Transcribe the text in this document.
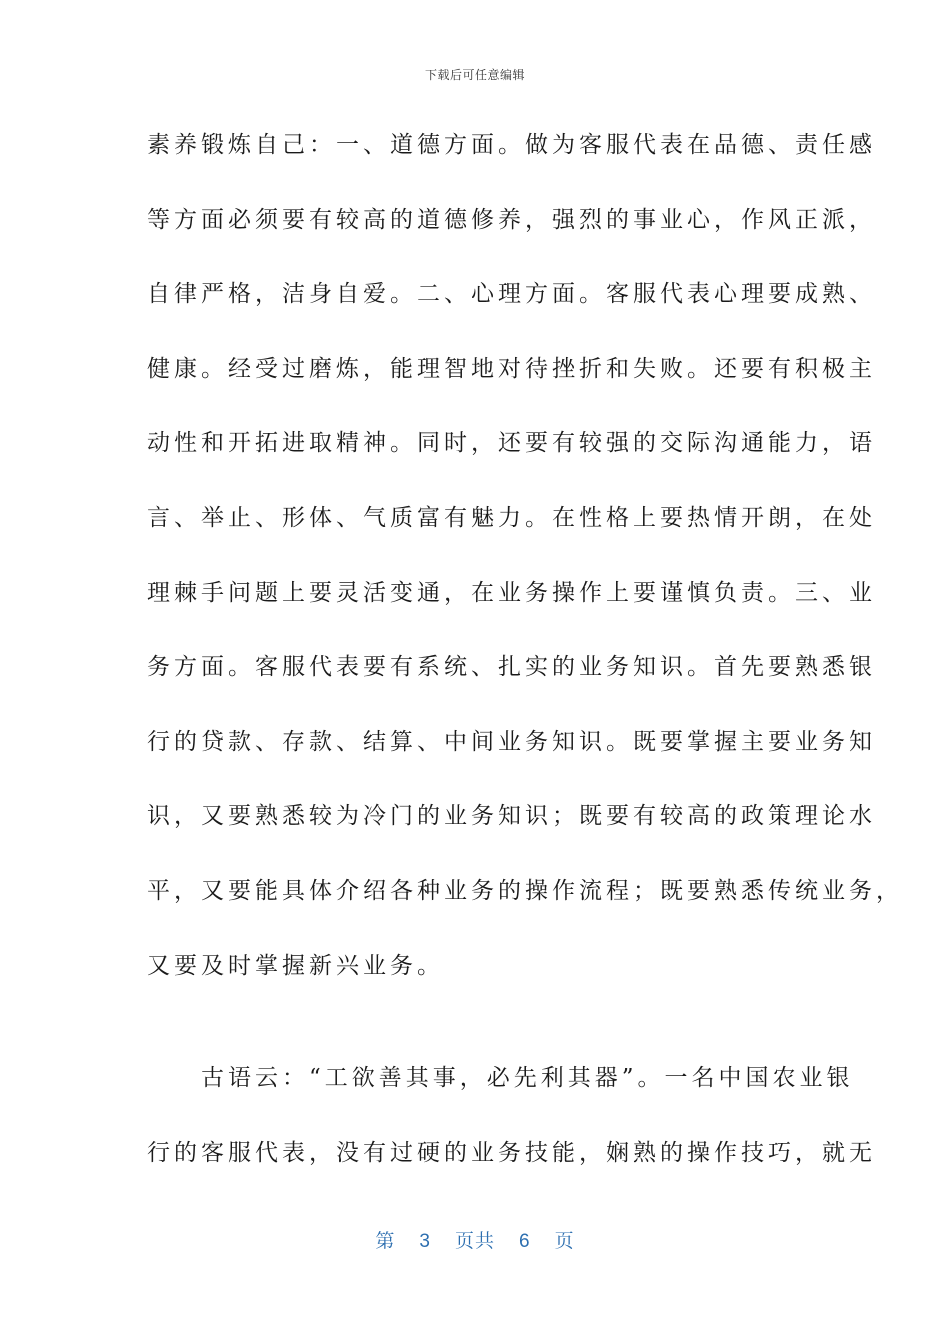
下载后可任意编辑
素养锻炼自己：一、道德方面。做为客服代表在品德、责任感
等方面必须要有较高的道德修养，强烈的事业心，作风正派，
自律严格，洁身自爱。二、心理方面。客服代表心理要成熟、
健康。经受过磨炼，能理智地对待挫折和失败。还要有积极主
动性和开拓进取精神。同时，还要有较强的交际沟通能力，语
言、举止、形体、气质富有魅力。在性格上要热情开朗，在处
理棘手问题上要灵活变通，在业务操作上要谨慎负责。三、业
务方面。客服代表要有系统、扎实的业务知识。首先要熟悉银
行的贷款、存款、结算、中间业务知识。既要掌握主要业务知
识，又要熟悉较为冷门的业务知识；既要有较高的政策理论水
平，又要能具体介绍各种业务的操作流程；既要熟悉传统业务，
又要及时掌握新兴业务。
　　古语云：“工欲善其事，必先利其器”。一名中国农业银
行的客服代表，没有过硬的业务技能，娴熟的操作技巧，就无
第 3 页共 6 页
